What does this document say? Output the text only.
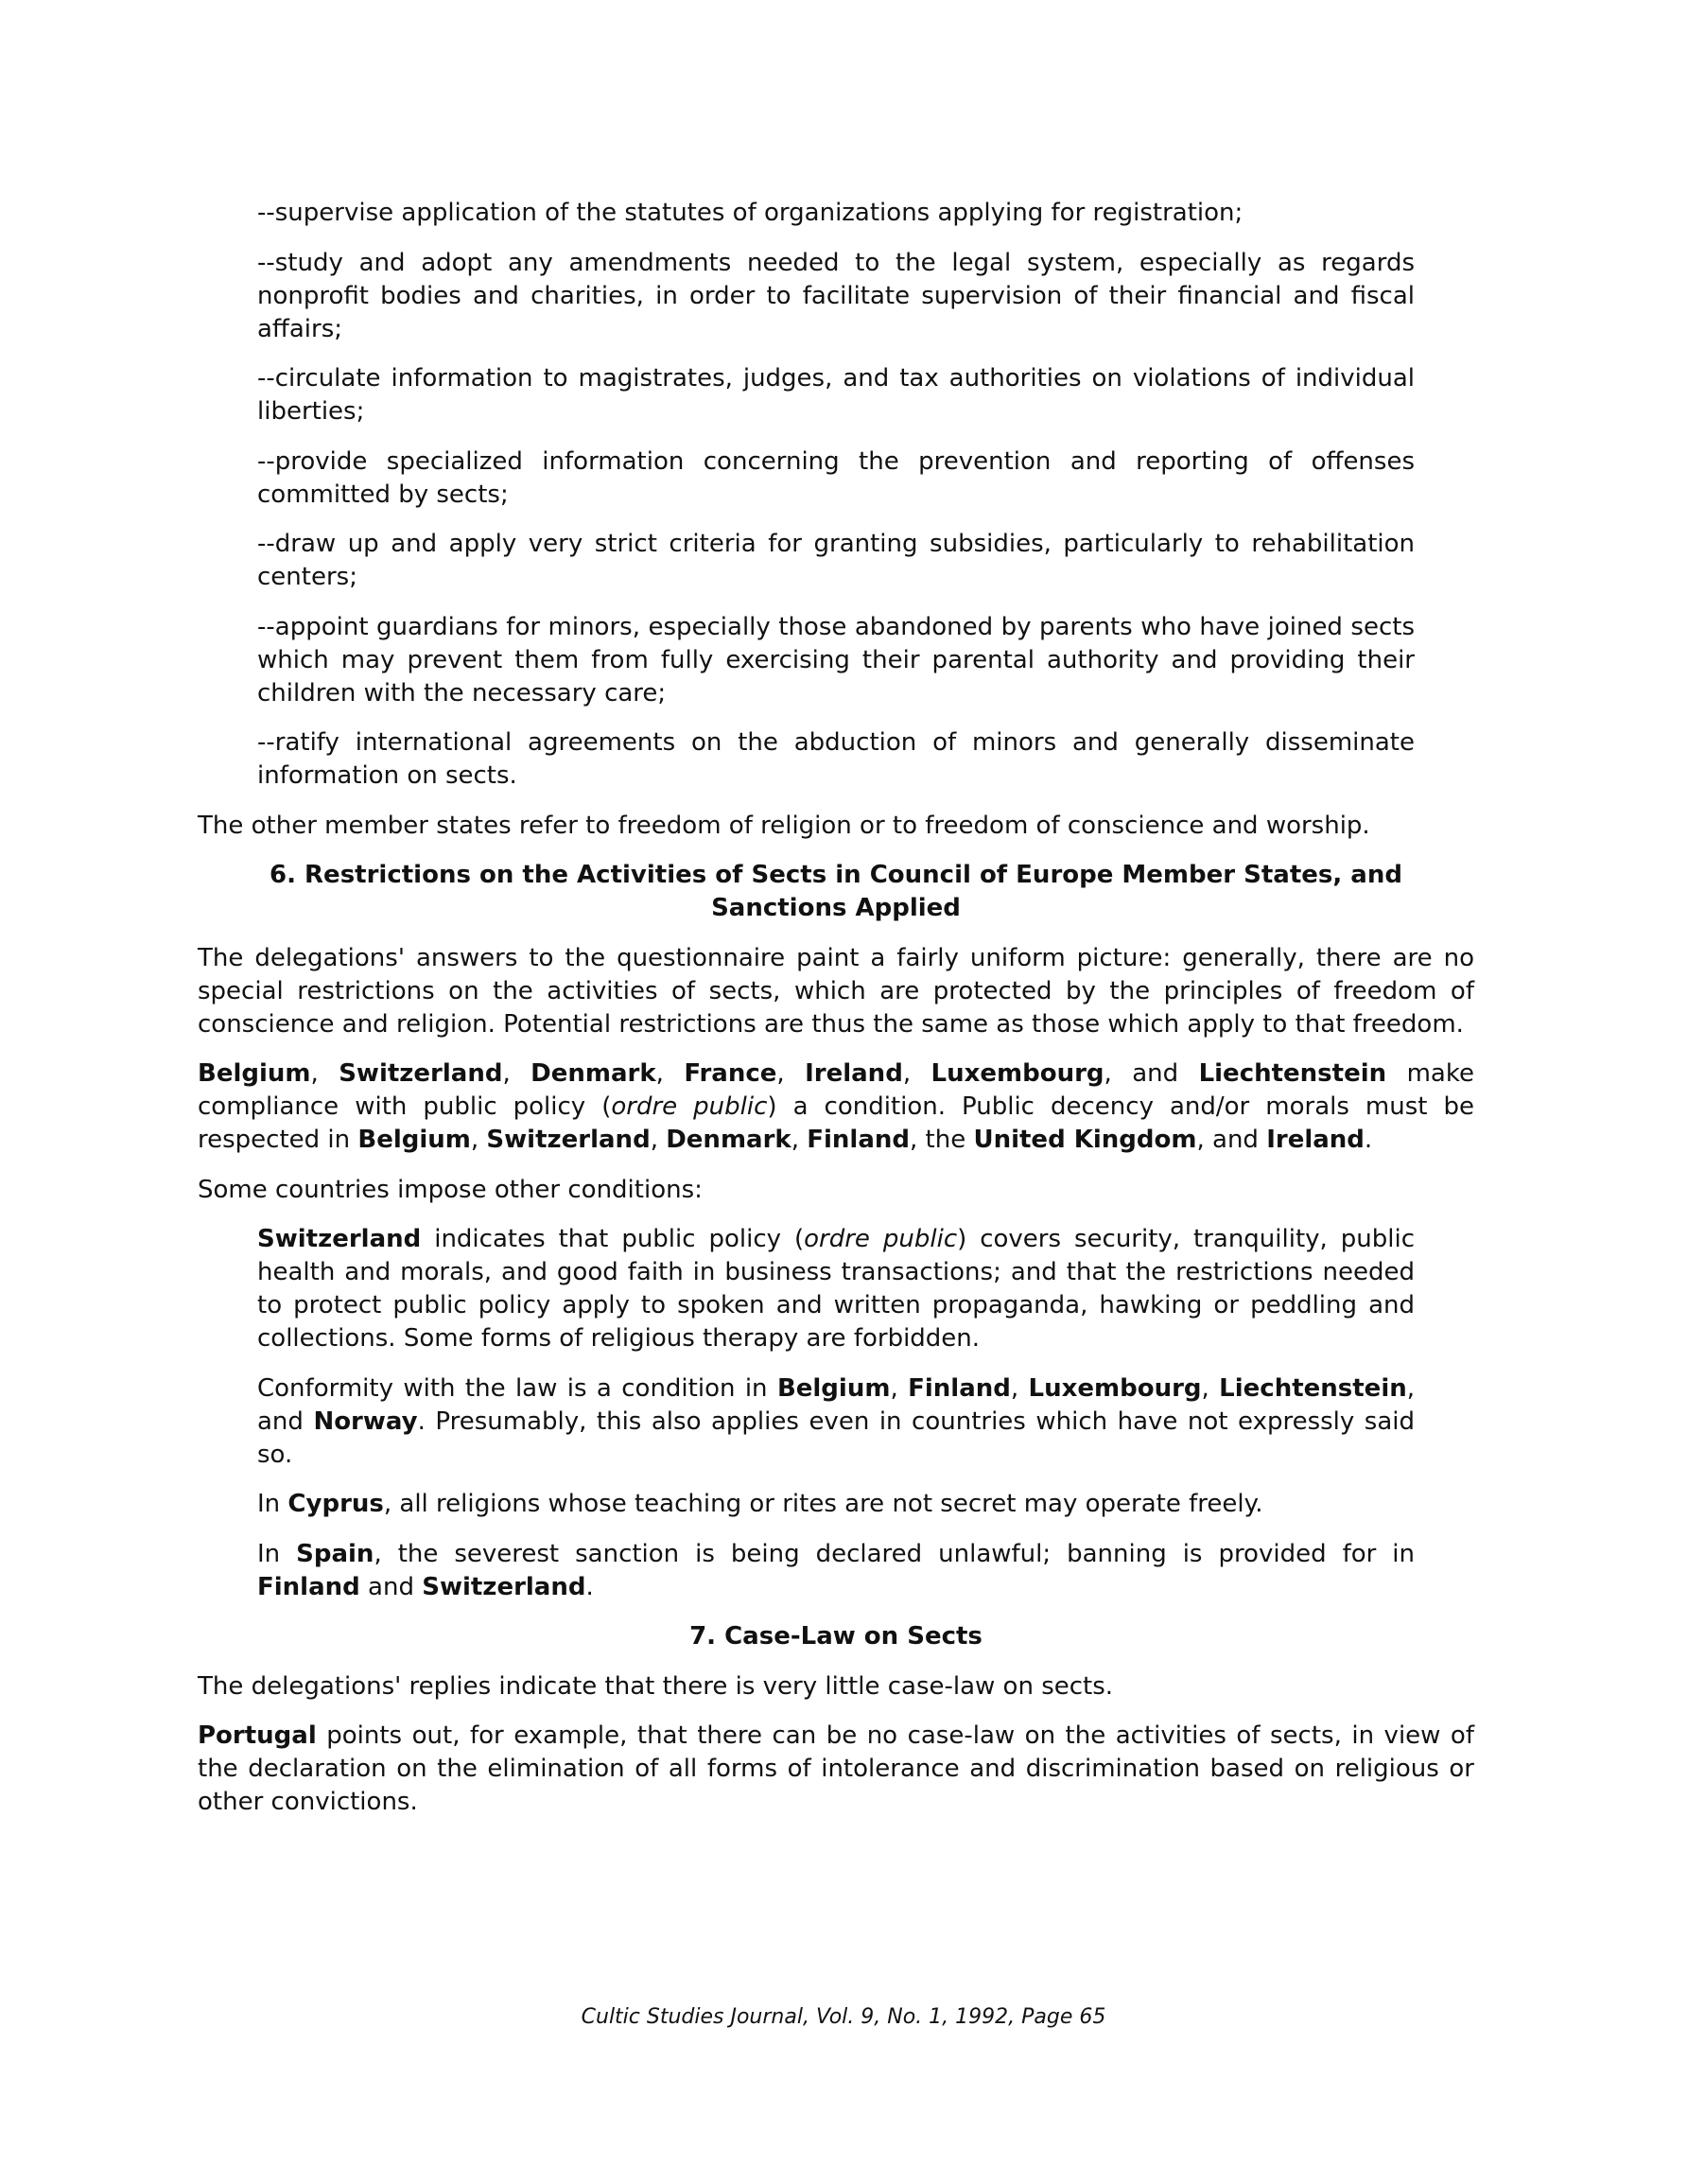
--supervise application of the statutes of organizations applying for registration;

--study and adopt any amendments needed to the legal system, especially as regards nonprofit bodies and charities, in order to facilitate supervision of their financial and fiscal affairs;

--circulate information to magistrates, judges, and tax authorities on violations of individual liberties;

--provide specialized information concerning the prevention and reporting of offenses committed by sects;

--draw up and apply very strict criteria for granting subsidies, particularly to rehabilitation centers;

--appoint guardians for minors, especially those abandoned by parents who have joined sects which may prevent them from fully exercising their parental authority and providing their children with the necessary care;

--ratify international agreements on the abduction of minors and generally disseminate information on sects.

The other member states refer to freedom of religion or to freedom of conscience and worship.

6. Restrictions on the Activities of Sects in Council of Europe Member States, and Sanctions Applied

The delegations' answers to the questionnaire paint a fairly uniform picture: generally, there are no special restrictions on the activities of sects, which are protected by the principles of freedom of conscience and religion. Potential restrictions are thus the same as those which apply to that freedom.

Belgium, Switzerland, Denmark, France, Ireland, Luxembourg, and Liechtenstein make compliance with public policy (ordre public) a condition. Public decency and/or morals must be respected in Belgium, Switzerland, Denmark, Finland, the United Kingdom, and Ireland.

Some countries impose other conditions:

Switzerland indicates that public policy (ordre public) covers security, tranquility, public health and morals, and good faith in business transactions; and that the restrictions needed to protect public policy apply to spoken and written propaganda, hawking or peddling and collections. Some forms of religious therapy are forbidden.

Conformity with the law is a condition in Belgium, Finland, Luxembourg, Liechtenstein, and Norway. Presumably, this also applies even in countries which have not expressly said so.

In Cyprus, all religions whose teaching or rites are not secret may operate freely.

In Spain, the severest sanction is being declared unlawful; banning is provided for in Finland and Switzerland.

7. Case-Law on Sects

The delegations' replies indicate that there is very little case-law on sects.

Portugal points out, for example, that there can be no case-law on the activities of sects, in view of the declaration on the elimination of all forms of intolerance and discrimination based on religious or other convictions.

Cultic Studies Journal, Vol. 9, No. 1, 1992, Page 65
